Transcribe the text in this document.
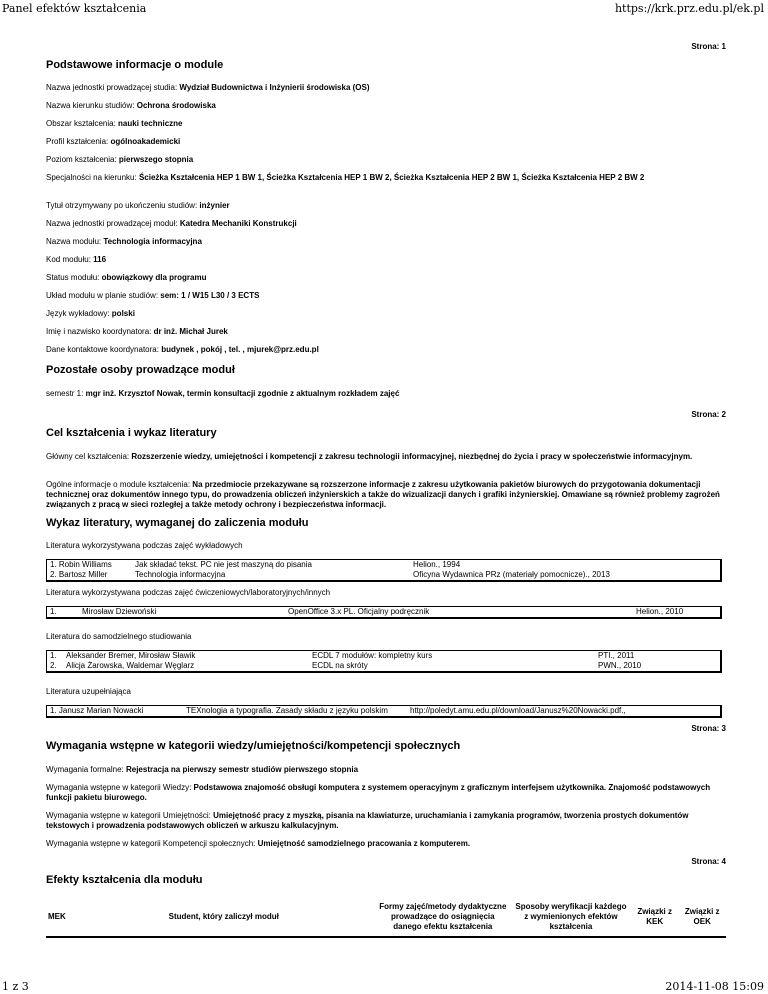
Panel efektów kształcenia	https://krk.prz.edu.pl/ek.pl
1 z 3	2014-11-08 15:09
Strona: 1
Podstawowe informacje o module
Nazwa jednostki prowadzącej studia: Wydział Budownictwa i Inżynierii środowiska (OS)
Nazwa kierunku studiów: Ochrona środowiska
Obszar kształcenia: nauki techniczne
Profil kształcenia: ogólnoakademicki
Poziom kształcenia: pierwszego stopnia
Specjalności na kierunku: Ścieżka Kształcenia HEP 1 BW 1, Ścieżka Kształcenia HEP 1 BW 2, Ścieżka Kształcenia HEP 2 BW 1, Ścieżka Kształcenia HEP 2 BW 2
Tytuł otrzymywany po ukończeniu studiów: inżynier
Nazwa jednostki prowadzącej moduł: Katedra Mechaniki Konstrukcji
Nazwa modułu: Technologia informacyjna
Kod modułu: 116
Status modułu: obowiązkowy dla programu
Układ modułu w planie studiów: sem: 1 / W15 L30 / 3 ECTS
Język wykładowy: polski
Imię i nazwisko koordynatora: dr inż. Michał Jurek
Dane kontaktowe koordynatora: budynek , pokój , tel. , mjurek@prz.edu.pl
Pozostałe osoby prowadzące moduł
semestr 1: mgr inż. Krzysztof Nowak, termin konsultacji zgodnie z aktualnym rozkładem zajęć
Strona: 2
Cel kształcenia i wykaz literatury
Główny cel kształcenia: Rozszerzenie wiedzy, umiejętności i kompetencji z zakresu technologii informacyjnej, niezbędnej do życia i pracy w społeczeństwie informacyjnym.
Ogólne informacje o module kształcenia: Na przedmiocie przekazywane są rozszerzone informacje z zakresu użytkowania pakietów biurowych do przygotowania dokumentacji technicznej oraz dokumentów innego typu, do prowadzenia obliczeń inżynierskich a także do wizualizacji danych i grafiki inżynierskiej. Omawiane są również problemy zagrożeń związanych z pracą w sieci rozległej a także metody ochrony i bezpieczeństwa informacji.
Wykaz literatury, wymaganej do zaliczenia modułu
Literatura wykorzystywana podczas zajęć wykładowych
1. Robin Williams	Jak składać tekst. PC nie jest maszyną do pisania	Helion., 1994
2. Bartosz Miller	Technologia informacyjna	Oficyna Wydawnica PRz (materiały pomocnicze)., 2013
Literatura wykorzystywana podczas zajęć ćwiczeniowych/laboratoryjnych/innych
1.	Mirosław Dziewoński	OpenOffice 3.x PL. Oficjalny podręcznik	Helion., 2010
Literatura do samodzielnego studiowania
1.	Aleksander Bremer, Mirosław Sławik	ECDL 7 modułów: kompletny kurs	PTI., 2011
2.	Alicja Żarowska, Waldemar Węglarz	ECDL na skróty	PWN., 2010
Literatura uzupełniająca
1. Janusz Marian Nowacki	TEXnologia a typografia. Zasady składu z języku polskim	http://poledyt.amu.edu.pl/download/Janusz%20Nowacki.pdf.,
Strona: 3
Wymagania wstępne w kategorii wiedzy/umiejętności/kompetencji społecznych
Wymagania formalne: Rejestracja na pierwszy semestr studiów pierwszego stopnia
Wymagania wstępne w kategorii Wiedzy: Podstawowa znajomość obsługi komputera z systemem operacyjnym z graficznym interfejsem użytkownika. Znajomość podstawowych funkcji pakietu biurowego.
Wymagania wstępne w kategorii Umiejętności: Umiejętność pracy z myszką, pisania na klawiaturze, uruchamiania i zamykania programów, tworzenia prostych dokumentów tekstowych i prowadzenia podstawowych obliczeń w arkuszu kalkulacyjnym.
Wymagania wstępne w kategorii Kompetencji społecznych: Umiejętność samodzielnego pracowania z komputerem.
Strona: 4
Efekty kształcenia dla modułu
MEK	Student, który zaliczył moduł	Formy zajęć/metody dydaktyczne prowadzące do osiągnięcia danego efektu kształcenia	Sposoby weryfikacji każdego z wymienionych efektów kształcenia	Związki z KEK	Związki z OEK
